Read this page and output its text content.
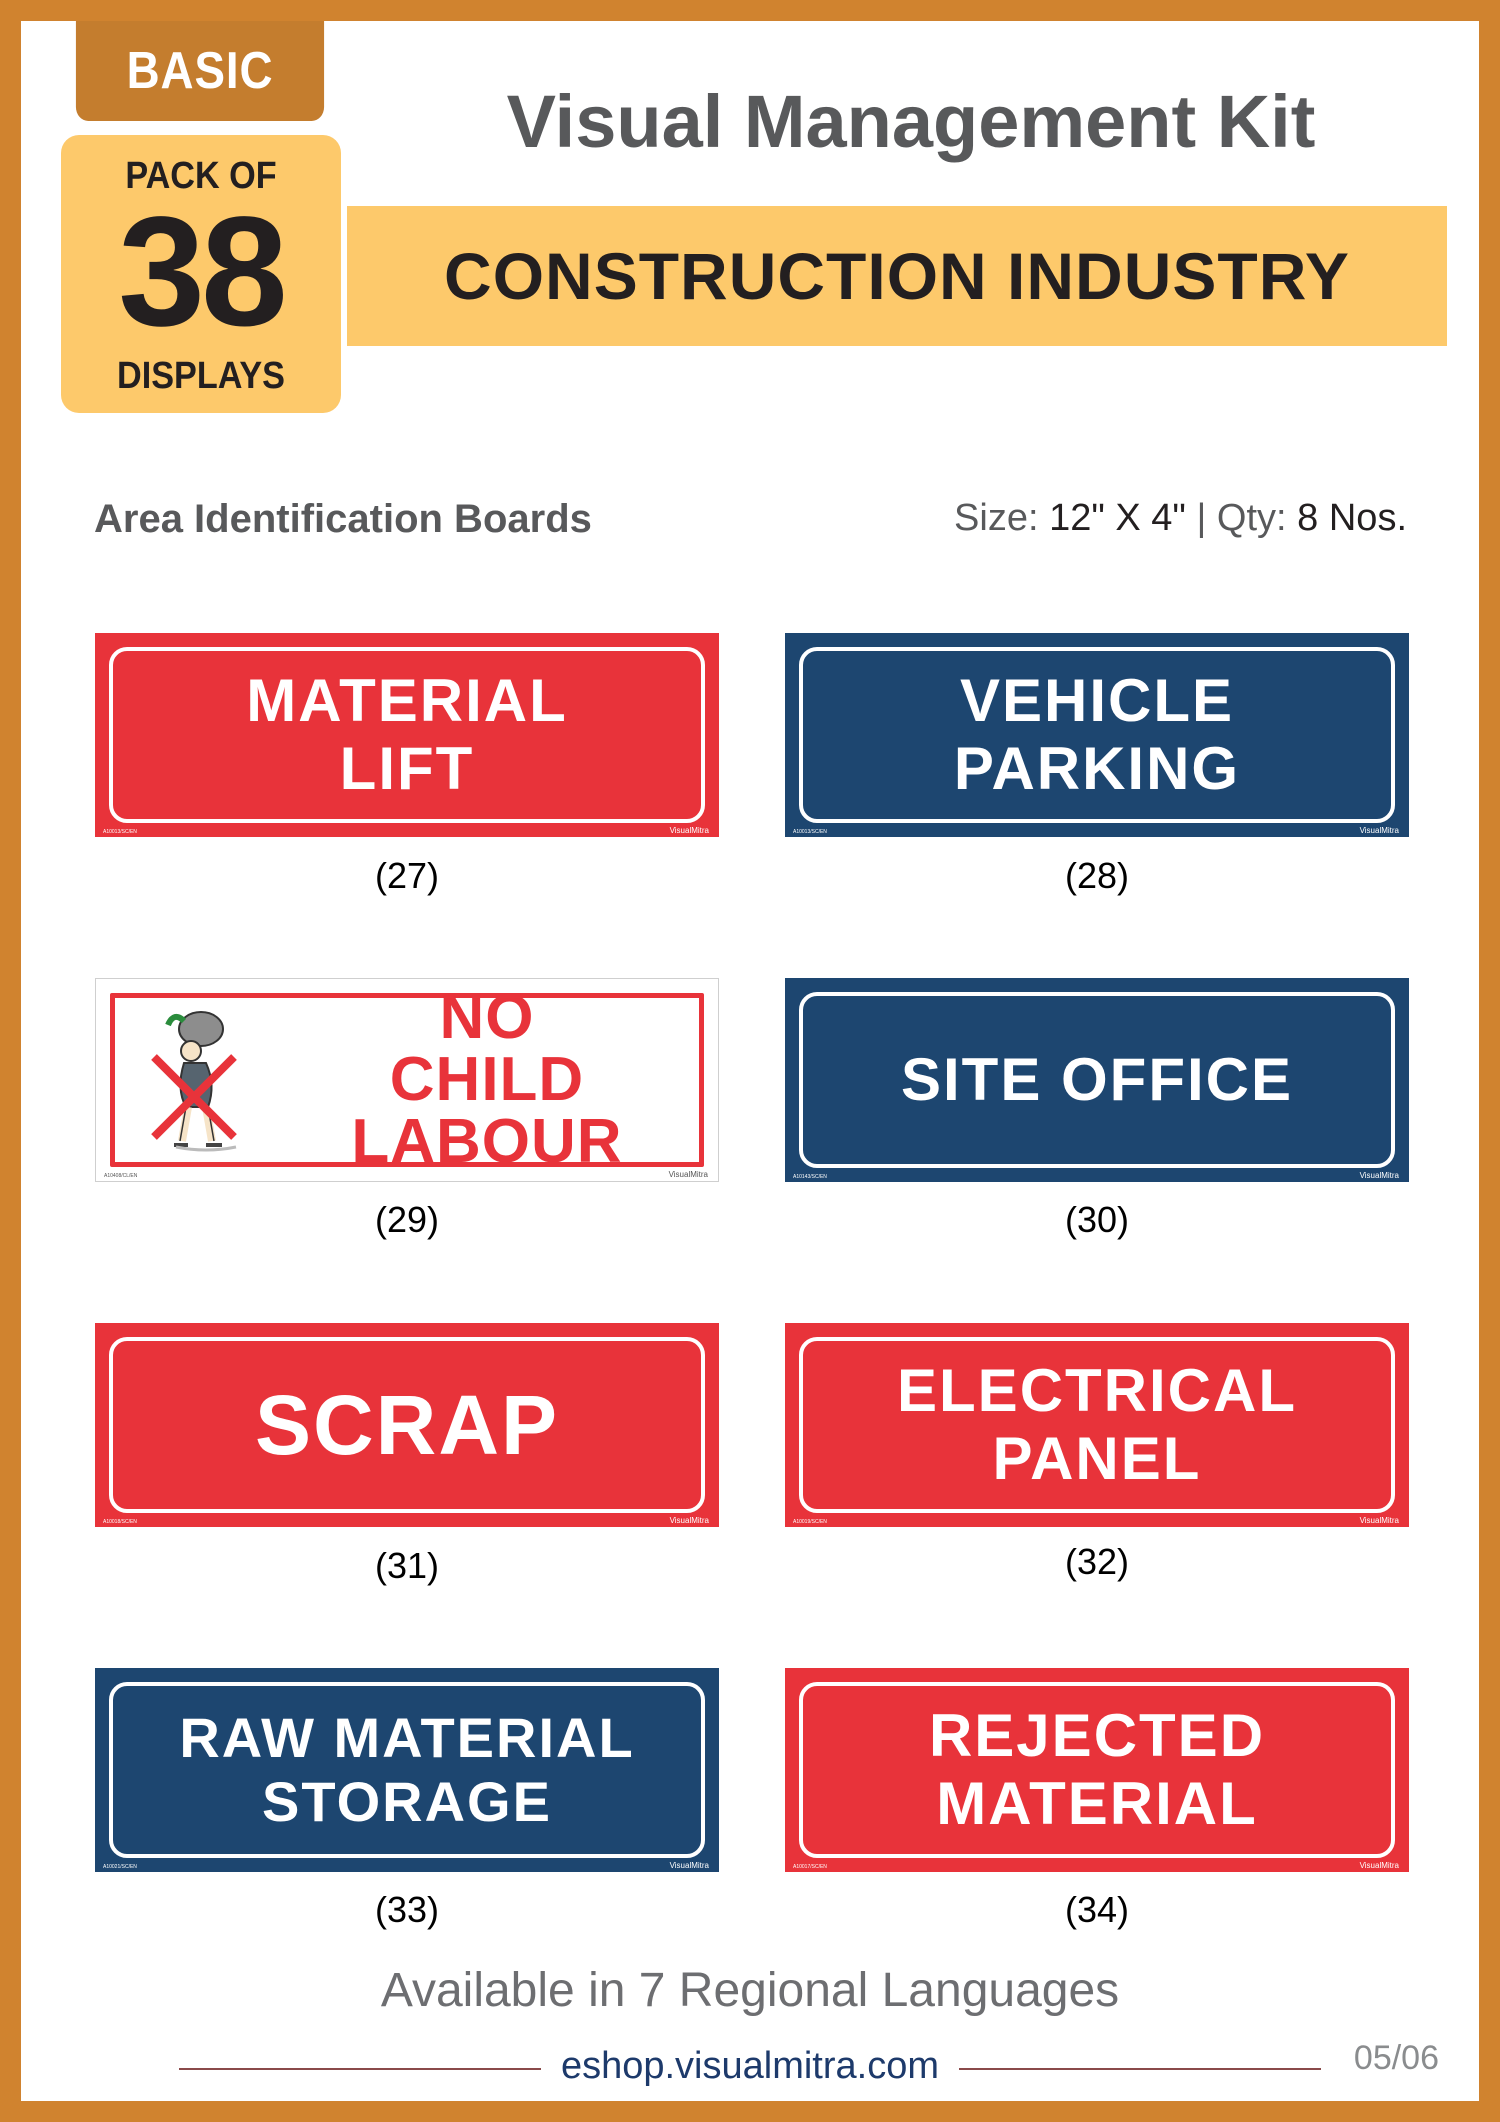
BASIC
PACK OF
38
DISPLAYS
Visual Management Kit
CONSTRUCTION INDUSTRY
Area Identification Boards	Size: 12" X 4" | Qty: 8 Nos.
MATERIAL
LIFT
A10013/SC/EN	VisualMitra
(27)
VEHICLE
PARKING
A10013/SC/EN	VisualMitra
(28)
NO
CHILD LABOUR
A10408/CL/EN	VisualMitra
(29)
SITE OFFICE
A10143/SC/EN	VisualMitra
(30)
SCRAP
A10018/SC/EN	VisualMitra
(31)
ELECTRICAL
PANEL
A10019/SC/EN	VisualMitra
(32)
RAW MATERIAL
STORAGE
A10021/SC/EN	VisualMitra
(33)
REJECTED
MATERIAL
A10017/SC/EN	VisualMitra
(34)
Available in 7 Regional Languages
eshop.visualmitra.com	05/06
